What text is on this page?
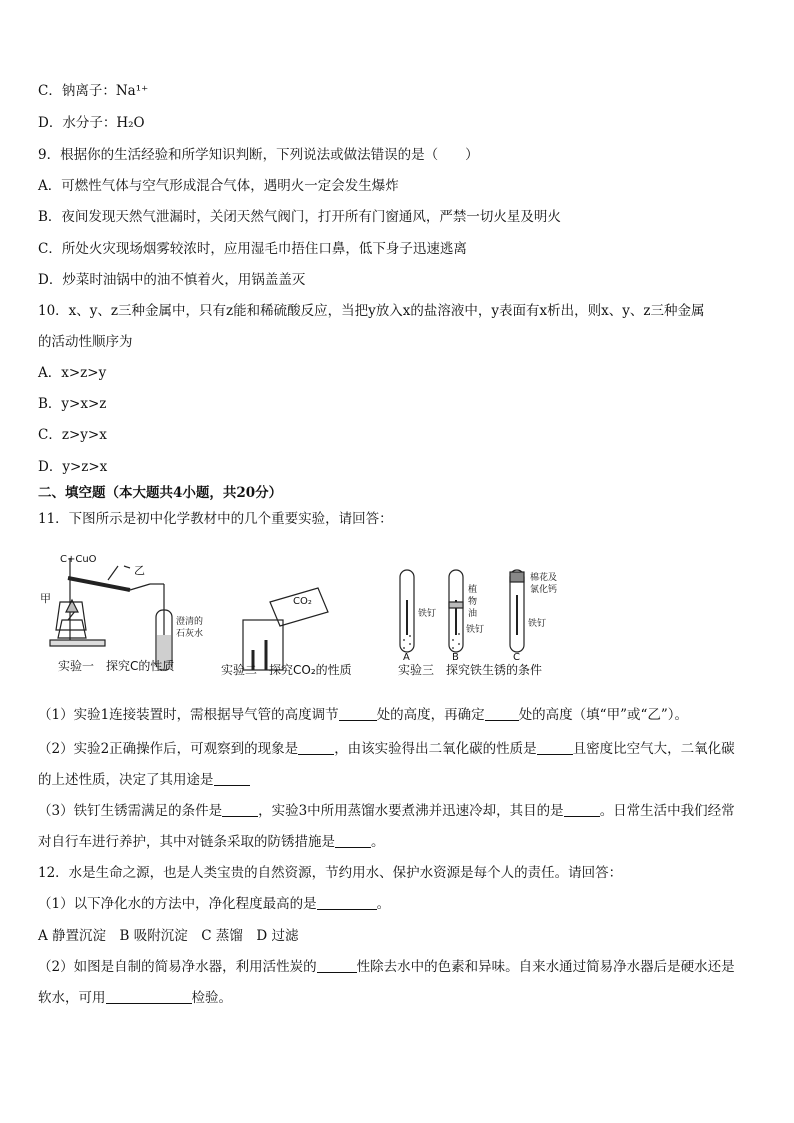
C．钠离子：Na¹⁺
D．水分子：H₂O
9．根据你的生活经验和所学知识判断，下列说法或做法错误的是（　　）
A．可燃性气体与空气形成混合气体，遇明火一定会发生爆炸
B．夜间发现天然气泄漏时，关闭天然气阀门，打开所有门窗通风，严禁一切火星及明火
C．所处火灾现场烟雾较浓时，应用湿毛巾捂住口鼻，低下身子迅速逃离
D．炒菜时油锅中的油不慎着火，用锅盖盖灭
10．x、y、z三种金属中，只有z能和稀硫酸反应，当把y放入x的盐溶液中，y表面有x析出，则x、y、z三种金属
的活动性顺序为
A．x>z>y
B．y>x>z
C．z>y>x
D．y>z>x
二、填空题（本大题共4小题，共20分）
11．下图所示是初中化学教材中的几个重要实验，请回答：
C+CuO
乙
甲
澄清的
石灰水
实验一　探究C的性质
CO₂
实验二　探究CO₂的性质
铁钉
植
物
油
铁钉
棉花及
氯化钙
铁钉
A	B	C
实验三　探究铁生锈的条件
（1）实验1连接装置时，需根据导气管的高度调节	处的高度，再确定	处的高度（填“甲”或“乙”）。
（2）实验2正确操作后，可观察到的现象是	，由该实验得出二氧化碳的性质是	且密度比空气大，二氧化碳
的上述性质，决定了其用途是
（3）铁钉生锈需满足的条件是	，实验3中所用蒸馏水要煮沸并迅速冷却，其目的是	。日常生活中我们经常
对自行车进行养护，其中对链条采取的防锈措施是	。
12．水是生命之源，也是人类宝贵的自然资源，节约用水、保护水资源是每个人的责任。请回答：
（1）以下净化水的方法中，净化程度最高的是	。
A 静置沉淀　B 吸附沉淀　C 蒸馏　D 过滤
（2）如图是自制的简易净水器，利用活性炭的	性除去水中的色素和异味。自来水通过简易净水器后是硬水还是
软水，可用	检验。
